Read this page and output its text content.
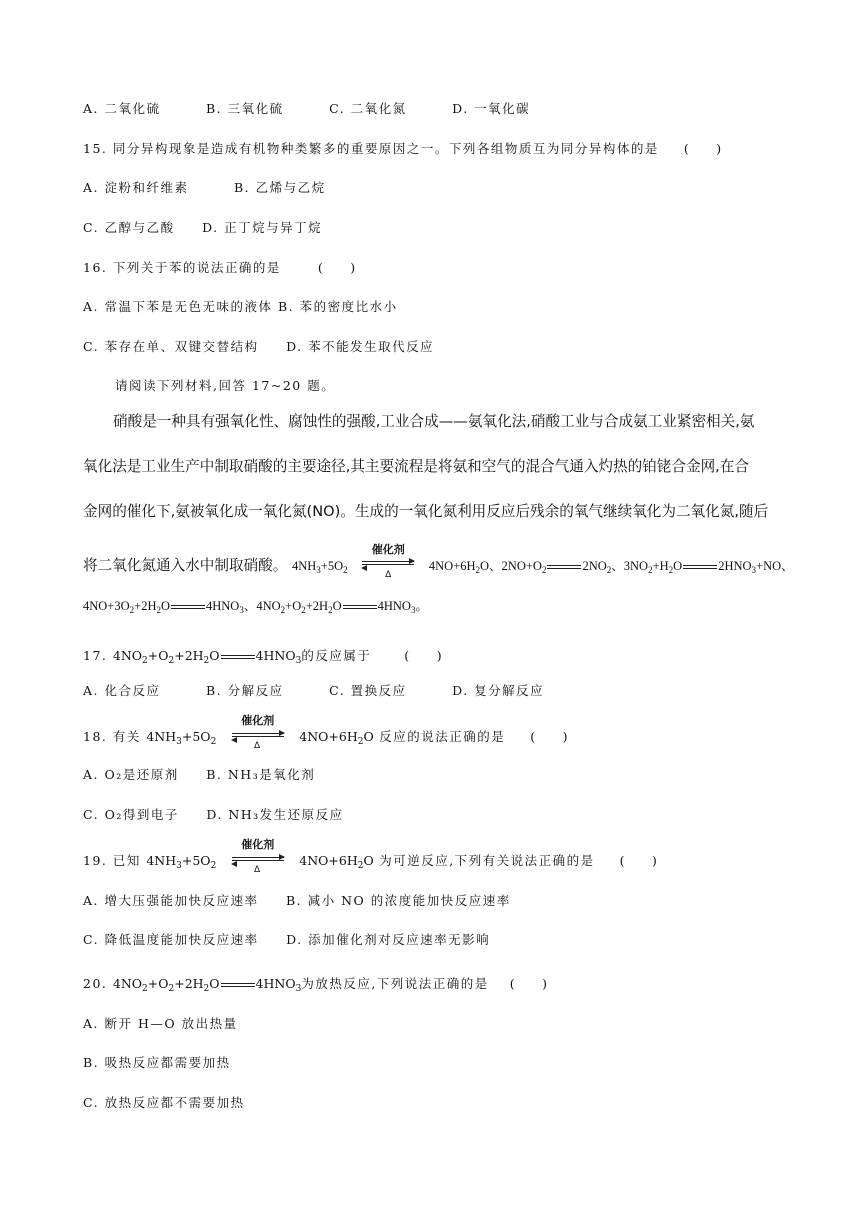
A. 二氧化硫	B. 三氧化硫	C. 二氧化氮	D. 一氧化碳
15. 同分异构现象是造成有机物种类繁多的重要原因之一。下列各组物质互为同分异构体的是 ( )
A. 淀粉和纤维素	B. 乙烯与乙烷
C. 乙醇与乙酸 D. 正丁烷与异丁烷
16. 下列关于苯的说法正确的是	( )
A. 常温下苯是无色无味的液体 B. 苯的密度比水小
C. 苯存在单、双键交替结构 D. 苯不能发生取代反应
请阅读下列材料,回答 17~20 题。
硝酸是一种具有强氧化性、腐蚀性的强酸,工业合成——氨氧化法,硝酸工业与合成氨工业紧密相关,氨
氧化法是工业生产中制取硝酸的主要途径,其主要流程是将氨和空气的混合气通入灼热的铂铑合金网,在合
金网的催化下,氨被氧化成一氧化氮(NO)。生成的一氧化氮利用反应后残余的氧气继续氧化为二氧化氮,随后
将二氧化氮通入水中制取硝酸。 $4NH_3+5O_2$
催化剂
Δ
$4NO+6H_2O$、$2NO+O_2$	$2NO_2$、$3NO_2+H_2O$	$2HNO_3+NO$、
$4NO+3O_2+2H_2O$	$4HNO_3$、$4NO_2+O_2+2H_2O$	$4HNO_3$。
17. $4NO_2+O_2+2H_2O$	$4HNO_3$的反应属于	( )
A. 化合反应	B. 分解反应	C. 置换反应	D. 复分解反应
18. 有关 $4NH_3+5O_2$
催化剂
Δ
$4NO+6H_2O$ 反应的说法正确的是 ( )
A. O₂是还原剂 B. NH₃是氧化剂
C. O₂得到电子 D. NH₃发生还原反应
19. 已知 $4NH_3+5O_2$
催化剂
Δ
$4NO+6H_2O$ 为可逆反应,下列有关说法正确的是 ( )
A. 增大压强能加快反应速率 B. 减小 NO 的浓度能加快反应速率
C. 降低温度能加快反应速率 D. 添加催化剂对反应速率无影响
20. $4NO_2+O_2+2H_2O$	$4HNO_3$为放热反应,下列说法正确的是 ( )
A. 断开 H—O 放出热量
B. 吸热反应都需要加热
C. 放热反应都不需要加热
